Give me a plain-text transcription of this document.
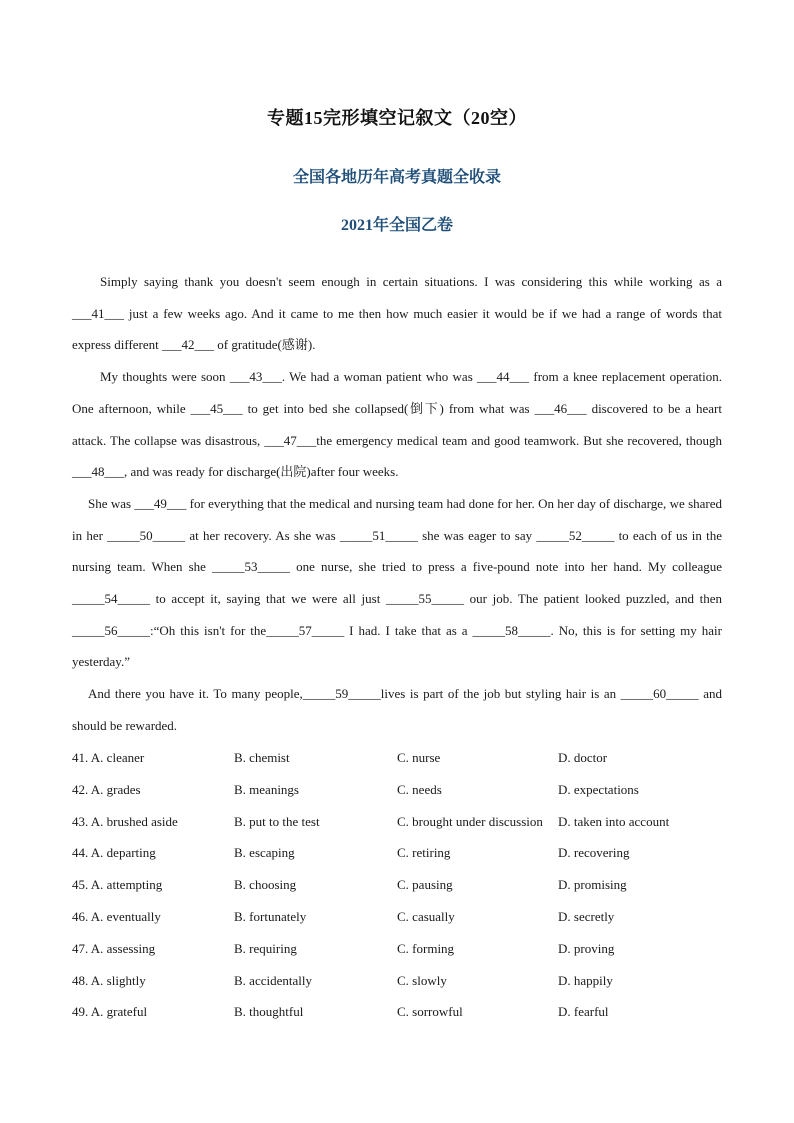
专题15完形填空记叙文（20空）
全国各地历年高考真题全收录
2021年全国乙卷

Simply saying thank you doesn't seem enough in certain situations. I was considering this while working as a ___41___ just a few weeks ago. And it came to me then how much easier it would be if we had a range of words that express different ___42___ of gratitude(感谢).

My thoughts were soon ___43___. We had a woman patient who was ___44___ from a knee replacement operation. One afternoon, while ___45___ to get into bed she collapsed(倒下) from what was ___46___ discovered to be a heart attack. The collapse was disastrous, ___47___the emergency medical team and good teamwork. But she recovered, though ___48___, and was ready for discharge(出院)after four weeks.

She was ___49___ for everything that the medical and nursing team had done for her. On her day of discharge, we shared in her _____50_____ at her recovery. As she was _____51_____ she was eager to say _____52_____ to each of us in the nursing team. When she _____53_____ one nurse, she tried to press a five-pound note into her hand. My colleague _____54_____ to accept it, saying that we were all just _____55_____ our job. The patient looked puzzled, and then _____56_____:“Oh this isn't for the_____57_____ I had. I take that as a _____58_____. No, this is for setting my hair yesterday.”

And there you have it. To many people,_____59_____lives is part of the job but styling hair is an _____60_____ and should be rewarded.

41. A. cleaner	B. chemist	C. nurse	D. doctor
42. A. grades	B. meanings	C. needs	D. expectations
43. A. brushed aside	B. put to the test	C. brought under discussion D. taken into account
44. A. departing	B. escaping	C. retiring	D. recovering
45. A. attempting	B. choosing	C. pausing	D. promising
46. A. eventually	B. fortunately	C. casually	D. secretly
47. A. assessing	B. requiring	C. forming	D. proving
48. A. slightly	B. accidentally	C. slowly	D. happily
49. A. grateful	B. thoughtful	C. sorrowful	D. fearful
